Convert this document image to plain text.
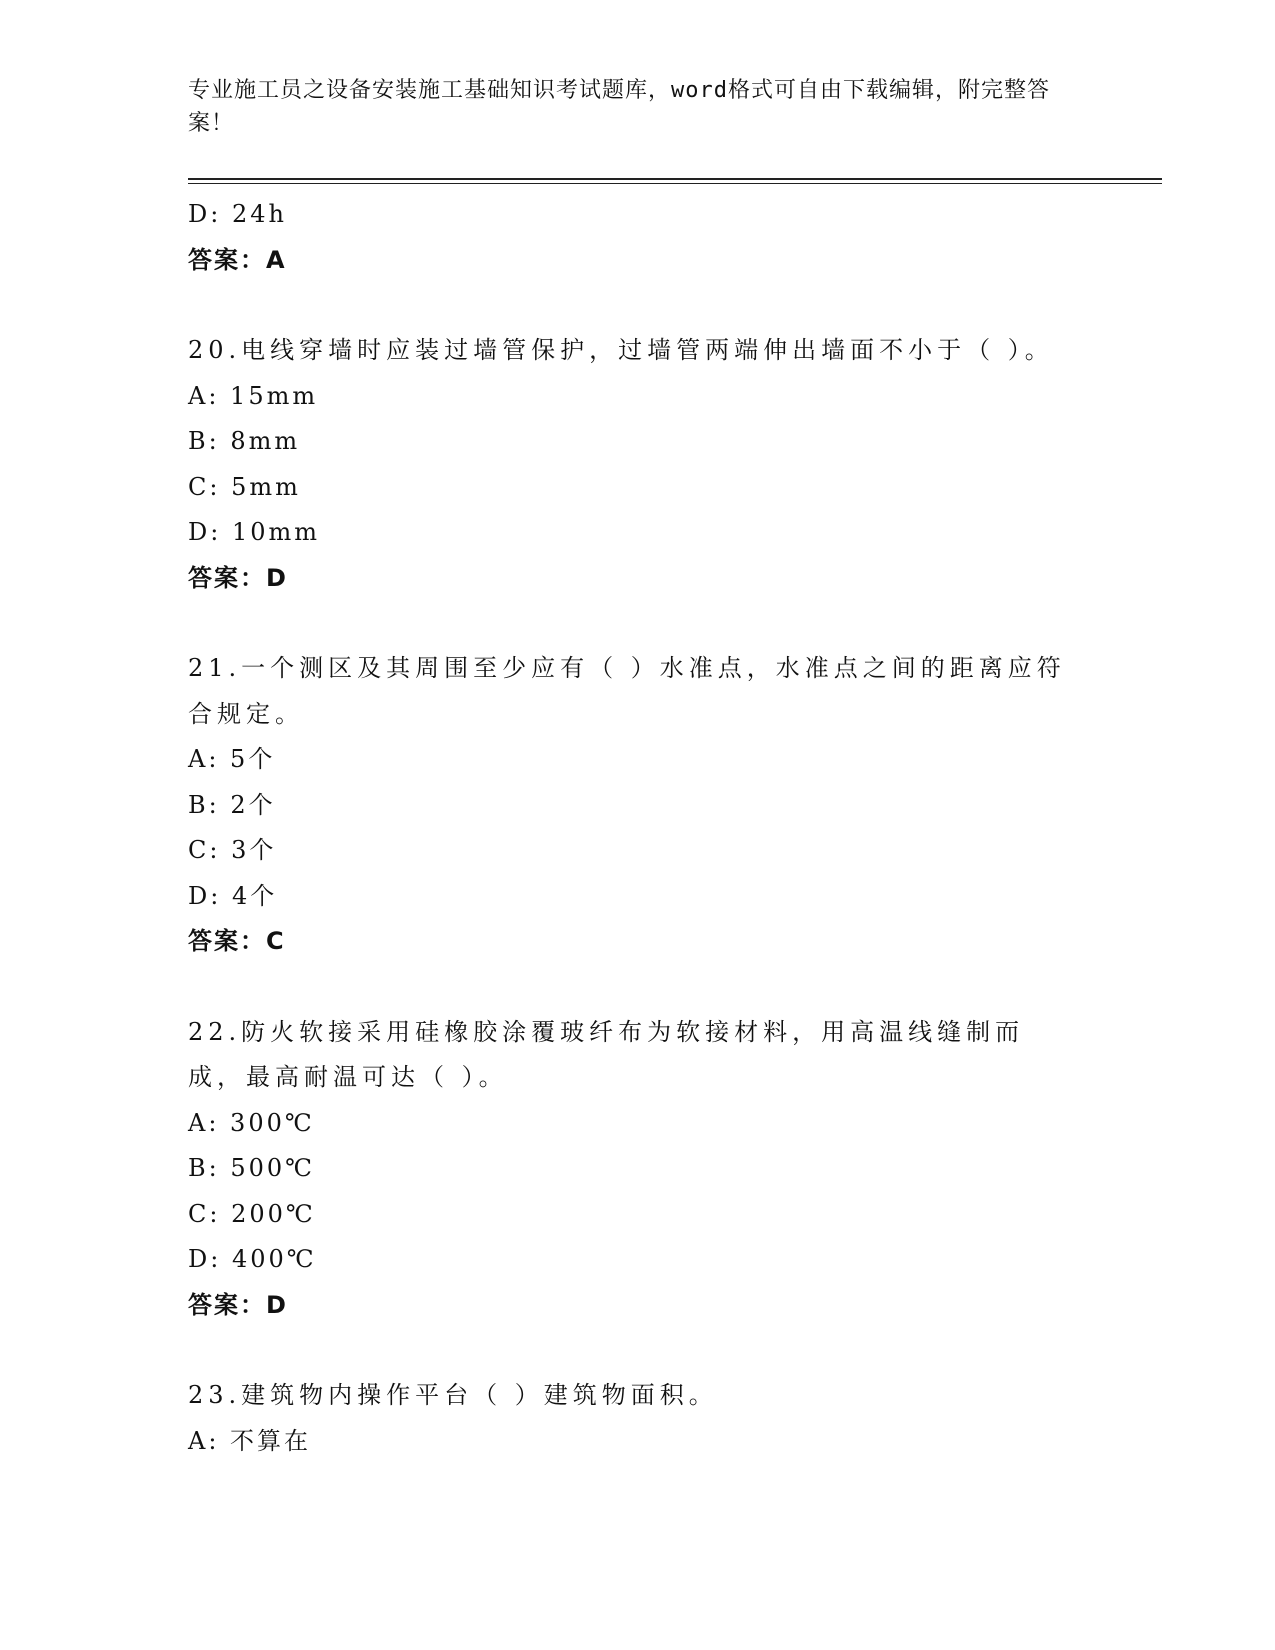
专业施工员之设备安装施工基础知识考试题库，word格式可自由下载编辑，附完整答案！
D: 24h
答案：A
20.电线穿墙时应装过墙管保护，过墙管两端伸出墙面不小于（ ）。
A: 15mm
B: 8mm
C: 5mm
D: 10mm
答案：D
21.一个测区及其周围至少应有（ ）水准点，水准点之间的距离应符合规定。
A: 5个
B: 2个
C: 3个
D: 4个
答案：C
22.防火软接采用硅橡胶涂覆玻纤布为软接材料，用高温线缝制而成，最高耐温可达（ ）。
A: 300℃
B: 500℃
C: 200℃
D: 400℃
答案：D
23.建筑物内操作平台（ ）建筑物面积。
A: 不算在
